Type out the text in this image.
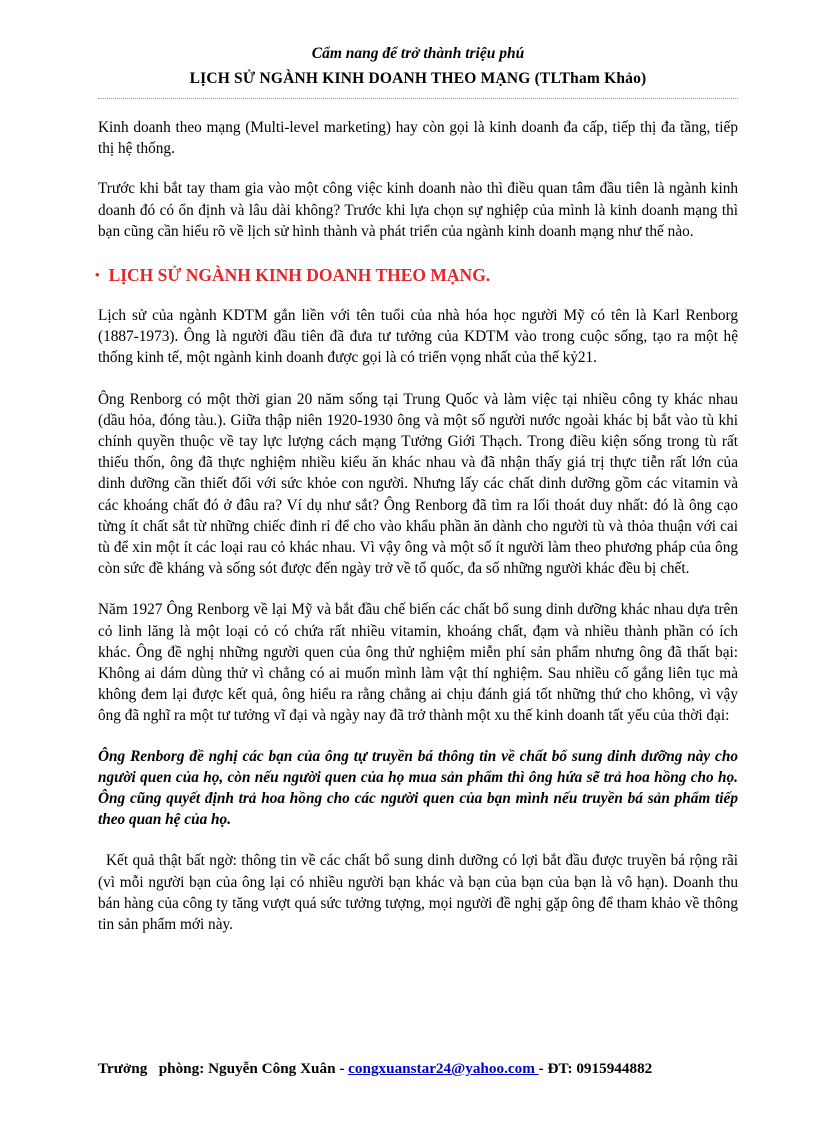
Cẩm nang để trở thành triệu phú
LỊCH SỬ NGÀNH KINH DOANH THEO MẠNG (TLTham Khảo)

Kinh doanh theo mạng (Multi-level marketing) hay còn gọi là kinh doanh đa cấp, tiếp thị đa tầng, tiếp thị hệ thống.

Trước khi bắt tay tham gia vào một công việc kinh doanh nào thì điều quan tâm đầu tiên là ngành kinh doanh đó có ổn định và lâu dài không? Trước khi lựa chọn sự nghiệp của mình là kinh doanh mạng thì bạn cũng cần hiểu rõ về lịch sử hình thành và phát triển của ngành kinh doanh mạng như thế nào.

• LỊCH SỬ NGÀNH KINH DOANH THEO MẠNG.

Lịch sử của ngành KDTM gắn liền với tên tuổi của nhà hóa học người Mỹ có tên là Karl Renborg (1887-1973). Ông là người đầu tiên đã đưa tư tưởng của KDTM vào trong cuộc sống, tạo ra một hệ thống kinh tế, một ngành kinh doanh được gọi là có triển vọng nhất của thế kỷ21.

Ông Renborg có một thời gian 20 năm sống tại Trung Quốc và làm việc tại nhiều công ty khác nhau (dầu hỏa, đóng tàu.). Giữa thập niên 1920-1930 ông và một số người nước ngoài khác bị bắt vào tù khi chính quyền thuộc về tay lực lượng cách mạng Tưởng Giới Thạch. Trong điều kiện sống trong tù rất thiếu thốn, ông đã thực nghiệm nhiều kiểu ăn khác nhau và đã nhận thấy giá trị thực tiễn rất lớn của dinh dưỡng cần thiết đối với sức khỏe con người. Nhưng lấy các chất dinh dưỡng gồm các vitamin và các khoáng chất đó ở đâu ra? Ví dụ như sắt? Ông Renborg đã tìm ra lối thoát duy nhất: đó là ông cạo từng ít chất sắt từ những chiếc đinh rỉ để cho vào khẩu phần ăn dành cho người tù và thỏa thuận với cai tù để xin một ít các loại rau cỏ khác nhau. Vì vậy ông và một số ít người làm theo phương pháp của ông còn sức đề kháng và sống sót được đến ngày trở về tổ quốc, đa số những người khác đều bị chết.

Năm 1927 Ông Renborg về lại Mỹ và bắt đầu chế biến các chất bổ sung dinh dưỡng khác nhau dựa trên cỏ linh lăng là một loại cỏ có chứa rất nhiều vitamin, khoáng chất, đạm và nhiều thành phần có ích khác. Ông đề nghị những người quen của ông thử nghiệm miễn phí sản phẩm nhưng ông đã thất bại: Không ai dám dùng thử vì chẳng có ai muốn mình làm vật thí nghiệm. Sau nhiều cố gắng liên tục mà không đem lại được kết quả, ông hiểu ra rằng chẳng ai chịu đánh giá tốt những thứ cho không, vì vậy ông đã nghĩ ra một tư tưởng vĩ đại và ngày nay đã trở thành một xu thế kinh doanh tất yếu của thời đại:

Ông Renborg đề nghị các bạn của ông tự truyền bá thông tin về chất bổ sung dinh dưỡng này cho người quen của họ, còn nếu người quen của họ mua sản phẩm thì ông hứa sẽ trả hoa hồng cho họ. Ông cũng quyết định trả hoa hồng cho các người quen của bạn mình nếu truyền bá sản phẩm tiếp theo quan hệ của họ.

Kết quả thật bất ngờ: thông tin về các chất bổ sung dinh dưỡng có lợi bắt đầu được truyền bá rộng rãi (vì mỗi người bạn của ông lại có nhiều người bạn khác và bạn của bạn của bạn là vô hạn). Doanh thu bán hàng của công ty tăng vượt quá sức tưởng tượng, mọi người đề nghị gặp ông để tham khảo về thông tin sản phẩm mới này.

Trưởng   phòng: Nguyễn Công Xuân - congxuanstar24@yahoo.com - ĐT: 0915944882
